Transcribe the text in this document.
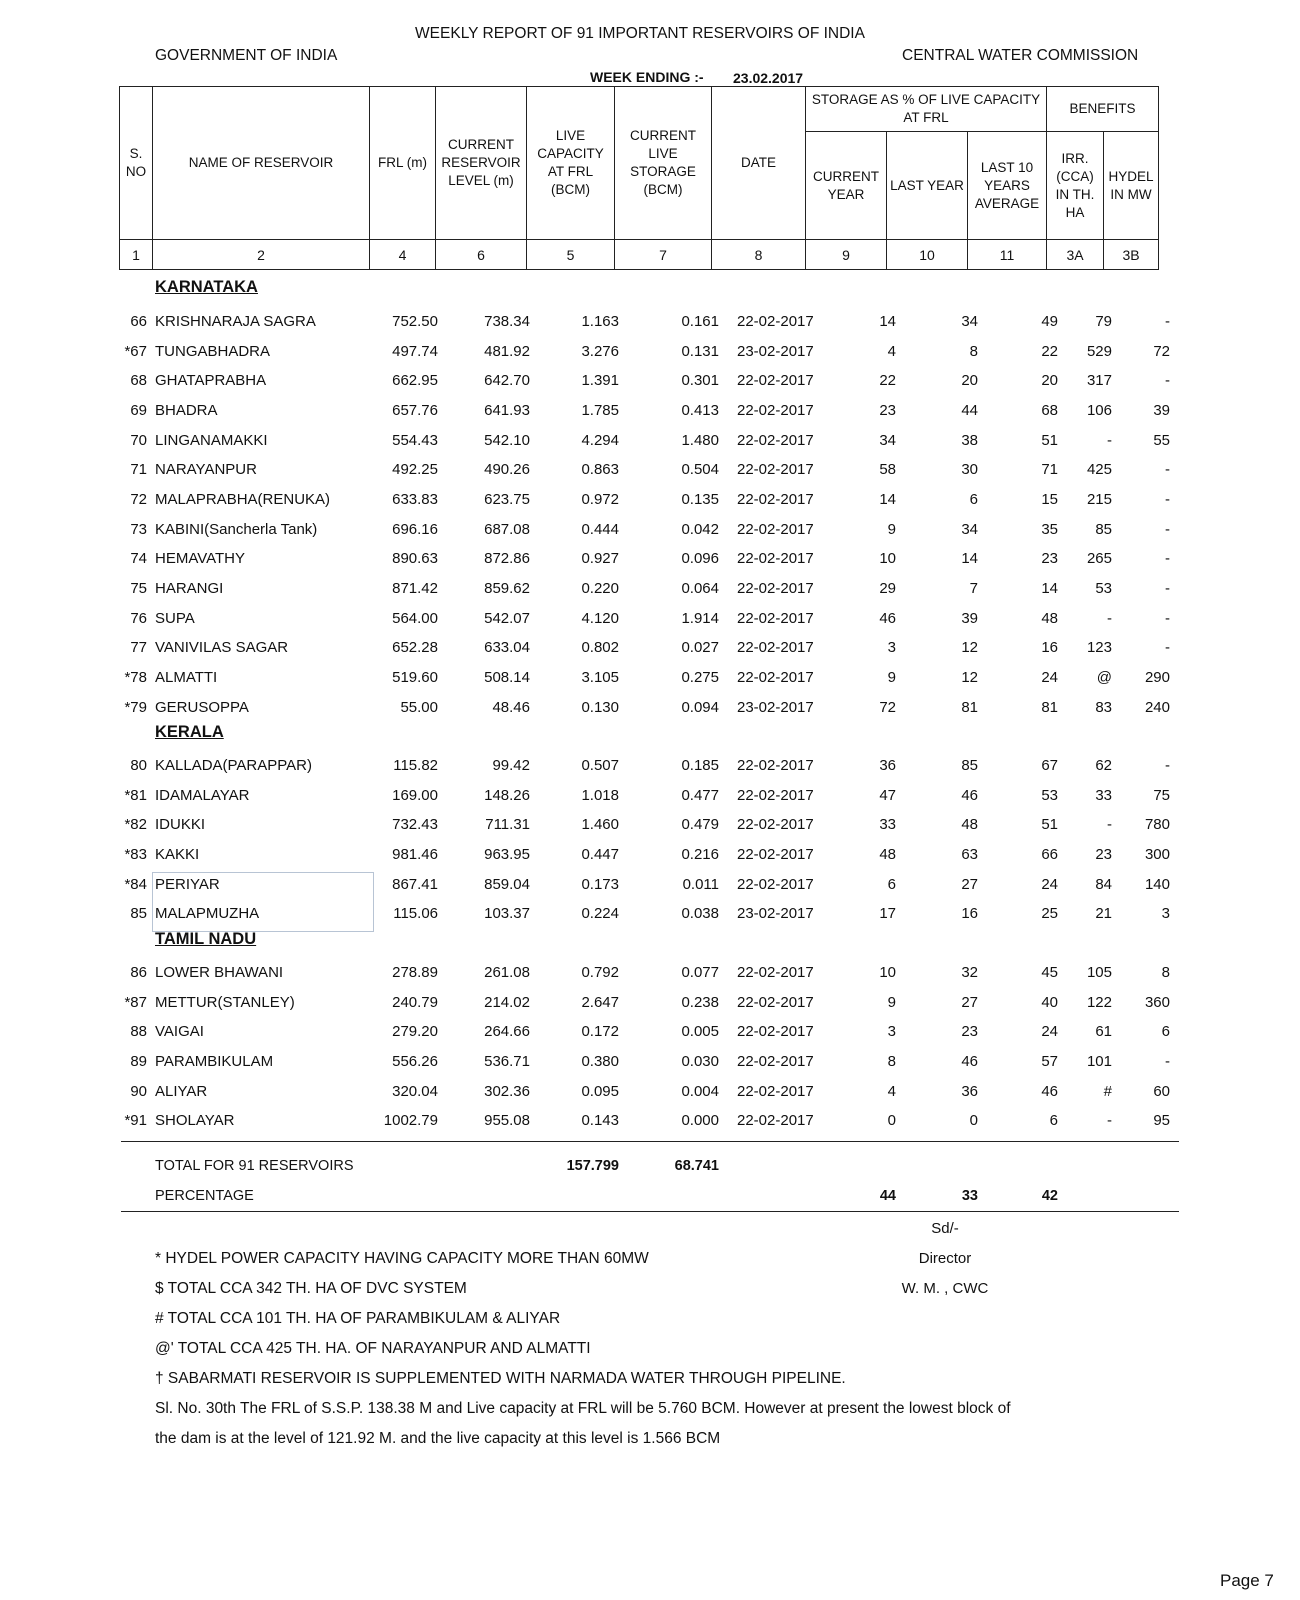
WEEKLY REPORT OF 91 IMPORTANT RESERVOIRS OF INDIA
GOVERNMENT OF INDIA	CENTRAL WATER COMMISSION
WEEK ENDING :- 23.02.2017
S. NO	NAME OF RESERVOIR	FRL (m)	CURRENT RESERVOIR LEVEL (m)	LIVE CAPACITY AT FRL (BCM)	CURRENT LIVE STORAGE (BCM)	DATE	STORAGE AS % OF LIVE CAPACITY AT FRL			BENEFITS	
							CURRENT YEAR	LAST YEAR	LAST 10 YEARS AVERAGE	IRR. (CCA) IN TH. HA	HYDEL IN MW
1	2	4	6	5	7	8	9	10	11	3A	3B
KARNATAKA
66 KRISHNARAJA SAGRA	752.50	738.34	1.163	0.161 22-02-2017	14	34	49	79	-
*67 TUNGABHADRA	497.74	481.92	3.276	0.131 23-02-2017	4	8	22	529	72
68 GHATAPRABHA	662.95	642.70	1.391	0.301 22-02-2017	22	20	20	317	-
69 BHADRA	657.76	641.93	1.785	0.413 22-02-2017	23	44	68	106	39
70 LINGANAMAKKI	554.43	542.10	4.294	1.480 22-02-2017	34	38	51	-	55
71 NARAYANPUR	492.25	490.26	0.863	0.504 22-02-2017	58	30	71	425	-
72 MALAPRABHA(RENUKA)	633.83	623.75	0.972	0.135 22-02-2017	14	6	15	215	-
73 KABINI(Sancherla Tank)	696.16	687.08	0.444	0.042 22-02-2017	9	34	35	85	-
74 HEMAVATHY	890.63	872.86	0.927	0.096 22-02-2017	10	14	23	265	-
75 HARANGI	871.42	859.62	0.220	0.064 22-02-2017	29	7	14	53	-
76 SUPA	564.00	542.07	4.120	1.914 22-02-2017	46	39	48	-	-
77 VANIVILAS SAGAR	652.28	633.04	0.802	0.027 22-02-2017	3	12	16	123	-
*78 ALMATTI	519.60	508.14	3.105	0.275 22-02-2017	9	12	24	@	290
*79 GERUSOPPA	55.00	48.46	0.130	0.094 23-02-2017	72	81	81	83	240
KERALA
80 KALLADA(PARAPPAR)	115.82	99.42	0.507	0.185 22-02-2017	36	85	67	62	-
*81 IDAMALAYAR	169.00	148.26	1.018	0.477 22-02-2017	47	46	53	33	75
*82 IDUKKI	732.43	711.31	1.460	0.479 22-02-2017	33	48	51	-	780
*83 KAKKI	981.46	963.95	0.447	0.216 22-02-2017	48	63	66	23	300
*84 PERIYAR	867.41	859.04	0.173	0.011 22-02-2017	6	27	24	84	140
85 MALAPMUZHA	115.06	103.37	0.224	0.038 23-02-2017	17	16	25	21	3
TAMIL NADU
86 LOWER BHAWANI	278.89	261.08	0.792	0.077 22-02-2017	10	32	45	105	8
*87 METTUR(STANLEY)	240.79	214.02	2.647	0.238 22-02-2017	9	27	40	122	360
88 VAIGAI	279.20	264.66	0.172	0.005 22-02-2017	3	23	24	61	6
89 PARAMBIKULAM	556.26	536.71	0.380	0.030 22-02-2017	8	46	57	101	-
90 ALIYAR	320.04	302.36	0.095	0.004 22-02-2017	4	36	46	#	60
*91 SHOLAYAR	1002.79	955.08	0.143	0.000 22-02-2017	0	0	6	-	95
TOTAL FOR 91 RESERVOIRS	157.799	68.741
PERCENTAGE	44	33	42
Sd/-
Director
W. M. , CWC
* HYDEL POWER CAPACITY HAVING CAPACITY MORE THAN 60MW
$ TOTAL CCA 342 TH. HA OF DVC SYSTEM
# TOTAL CCA 101 TH. HA OF PARAMBIKULAM & ALIYAR
@' TOTAL CCA 425 TH. HA. OF NARAYANPUR AND ALMATTI
† SABARMATI RESERVOIR IS SUPPLEMENTED WITH NARMADA WATER THROUGH PIPELINE.
Sl. No. 30th The FRL of S.S.P. 138.38 M and Live capacity at FRL will be 5.760 BCM. However at present the lowest block of
the dam is at the level of 121.92 M. and the live capacity at this level is 1.566 BCM
Page 7
